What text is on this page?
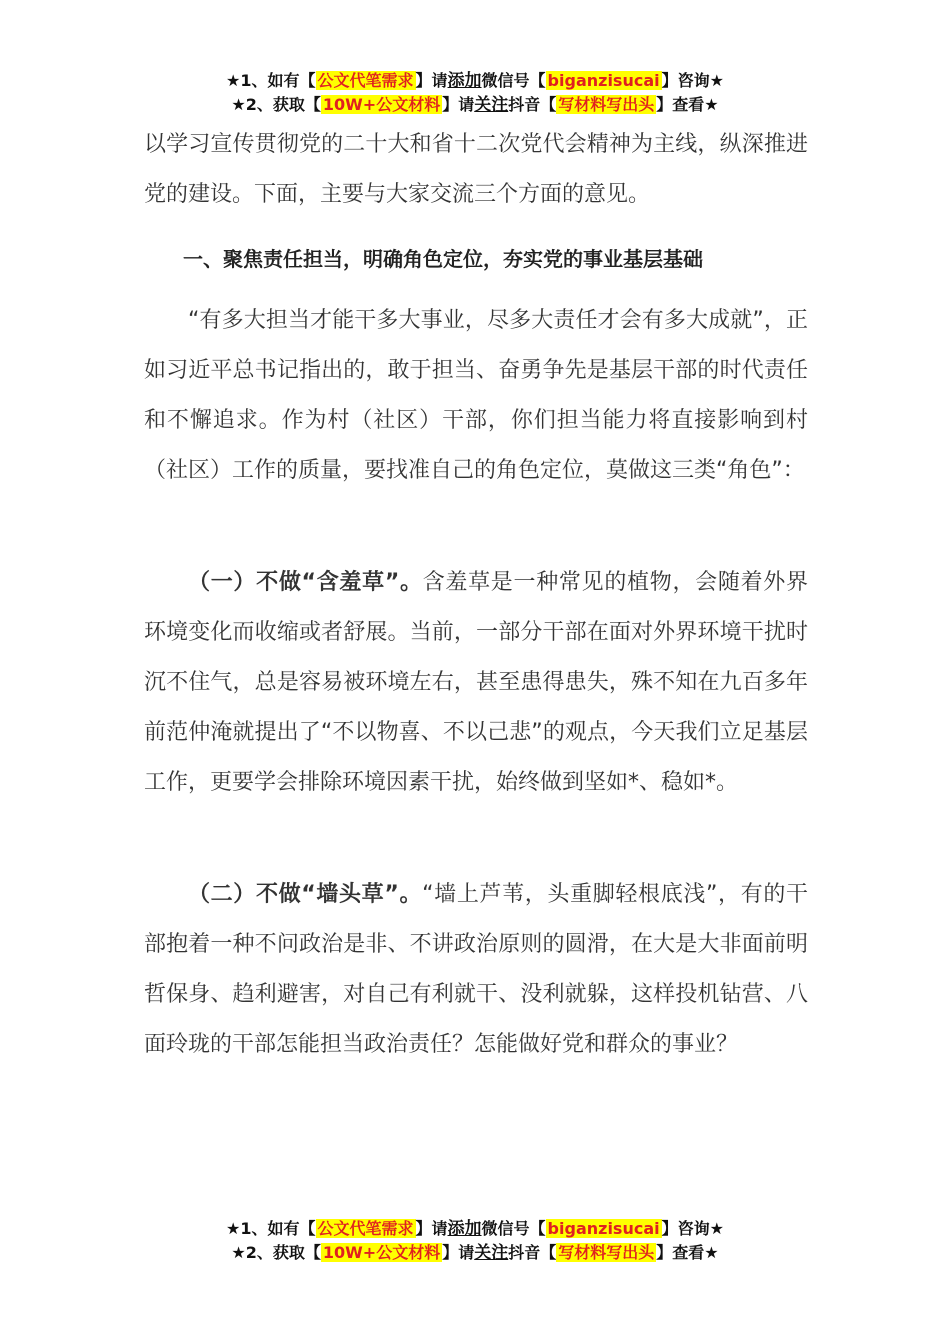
★1、如有【 公文代笔需求 】请添加微信号【 biganzisucai 】咨询★
★2、获取【 10W+公文材料 】请关注抖音【 写材料写出头 】查看★

以学习宣传贯彻党的二十大和省十二次党代会精神为主线，纵深推进党的建设。下面，主要与大家交流三个方面的意见。

一、聚焦责任担当，明确角色定位，夯实党的事业基层基础

“有多大担当才能干多大事业，尽多大责任才会有多大成就”，正如习近平总书记指出的，敢于担当、奋勇争先是基层干部的时代责任和不懈追求。作为村（社区）干部，你们担当能力将直接影响到村（社区）工作的质量，要找准自己的角色定位，莫做这三类“角色”：

（一）不做“含羞草”。含羞草是一种常见的植物，会随着外界环境变化而收缩或者舒展。当前，一部分干部在面对外界环境干扰时沉不住气，总是容易被环境左右，甚至患得患失，殊不知在九百多年前范仲淹就提出了“不以物喜、不以己悲”的观点，今天我们立足基层工作，更要学会排除环境因素干扰，始终做到坚如*、稳如*。

（二）不做“墙头草”。“墙上芦苇，头重脚轻根底浅”，有的干部抱着一种不问政治是非、不讲政治原则的圆滑，在大是大非面前明哲保身、趋利避害，对自己有利就干、没利就躲，这样投机钻营、八面玲珑的干部怎能担当政治责任？怎能做好党和群众的事业？

★1、如有【 公文代笔需求 】请添加微信号【 biganzisucai 】咨询★
★2、获取【 10W+公文材料 】请关注抖音【 写材料写出头 】查看★
